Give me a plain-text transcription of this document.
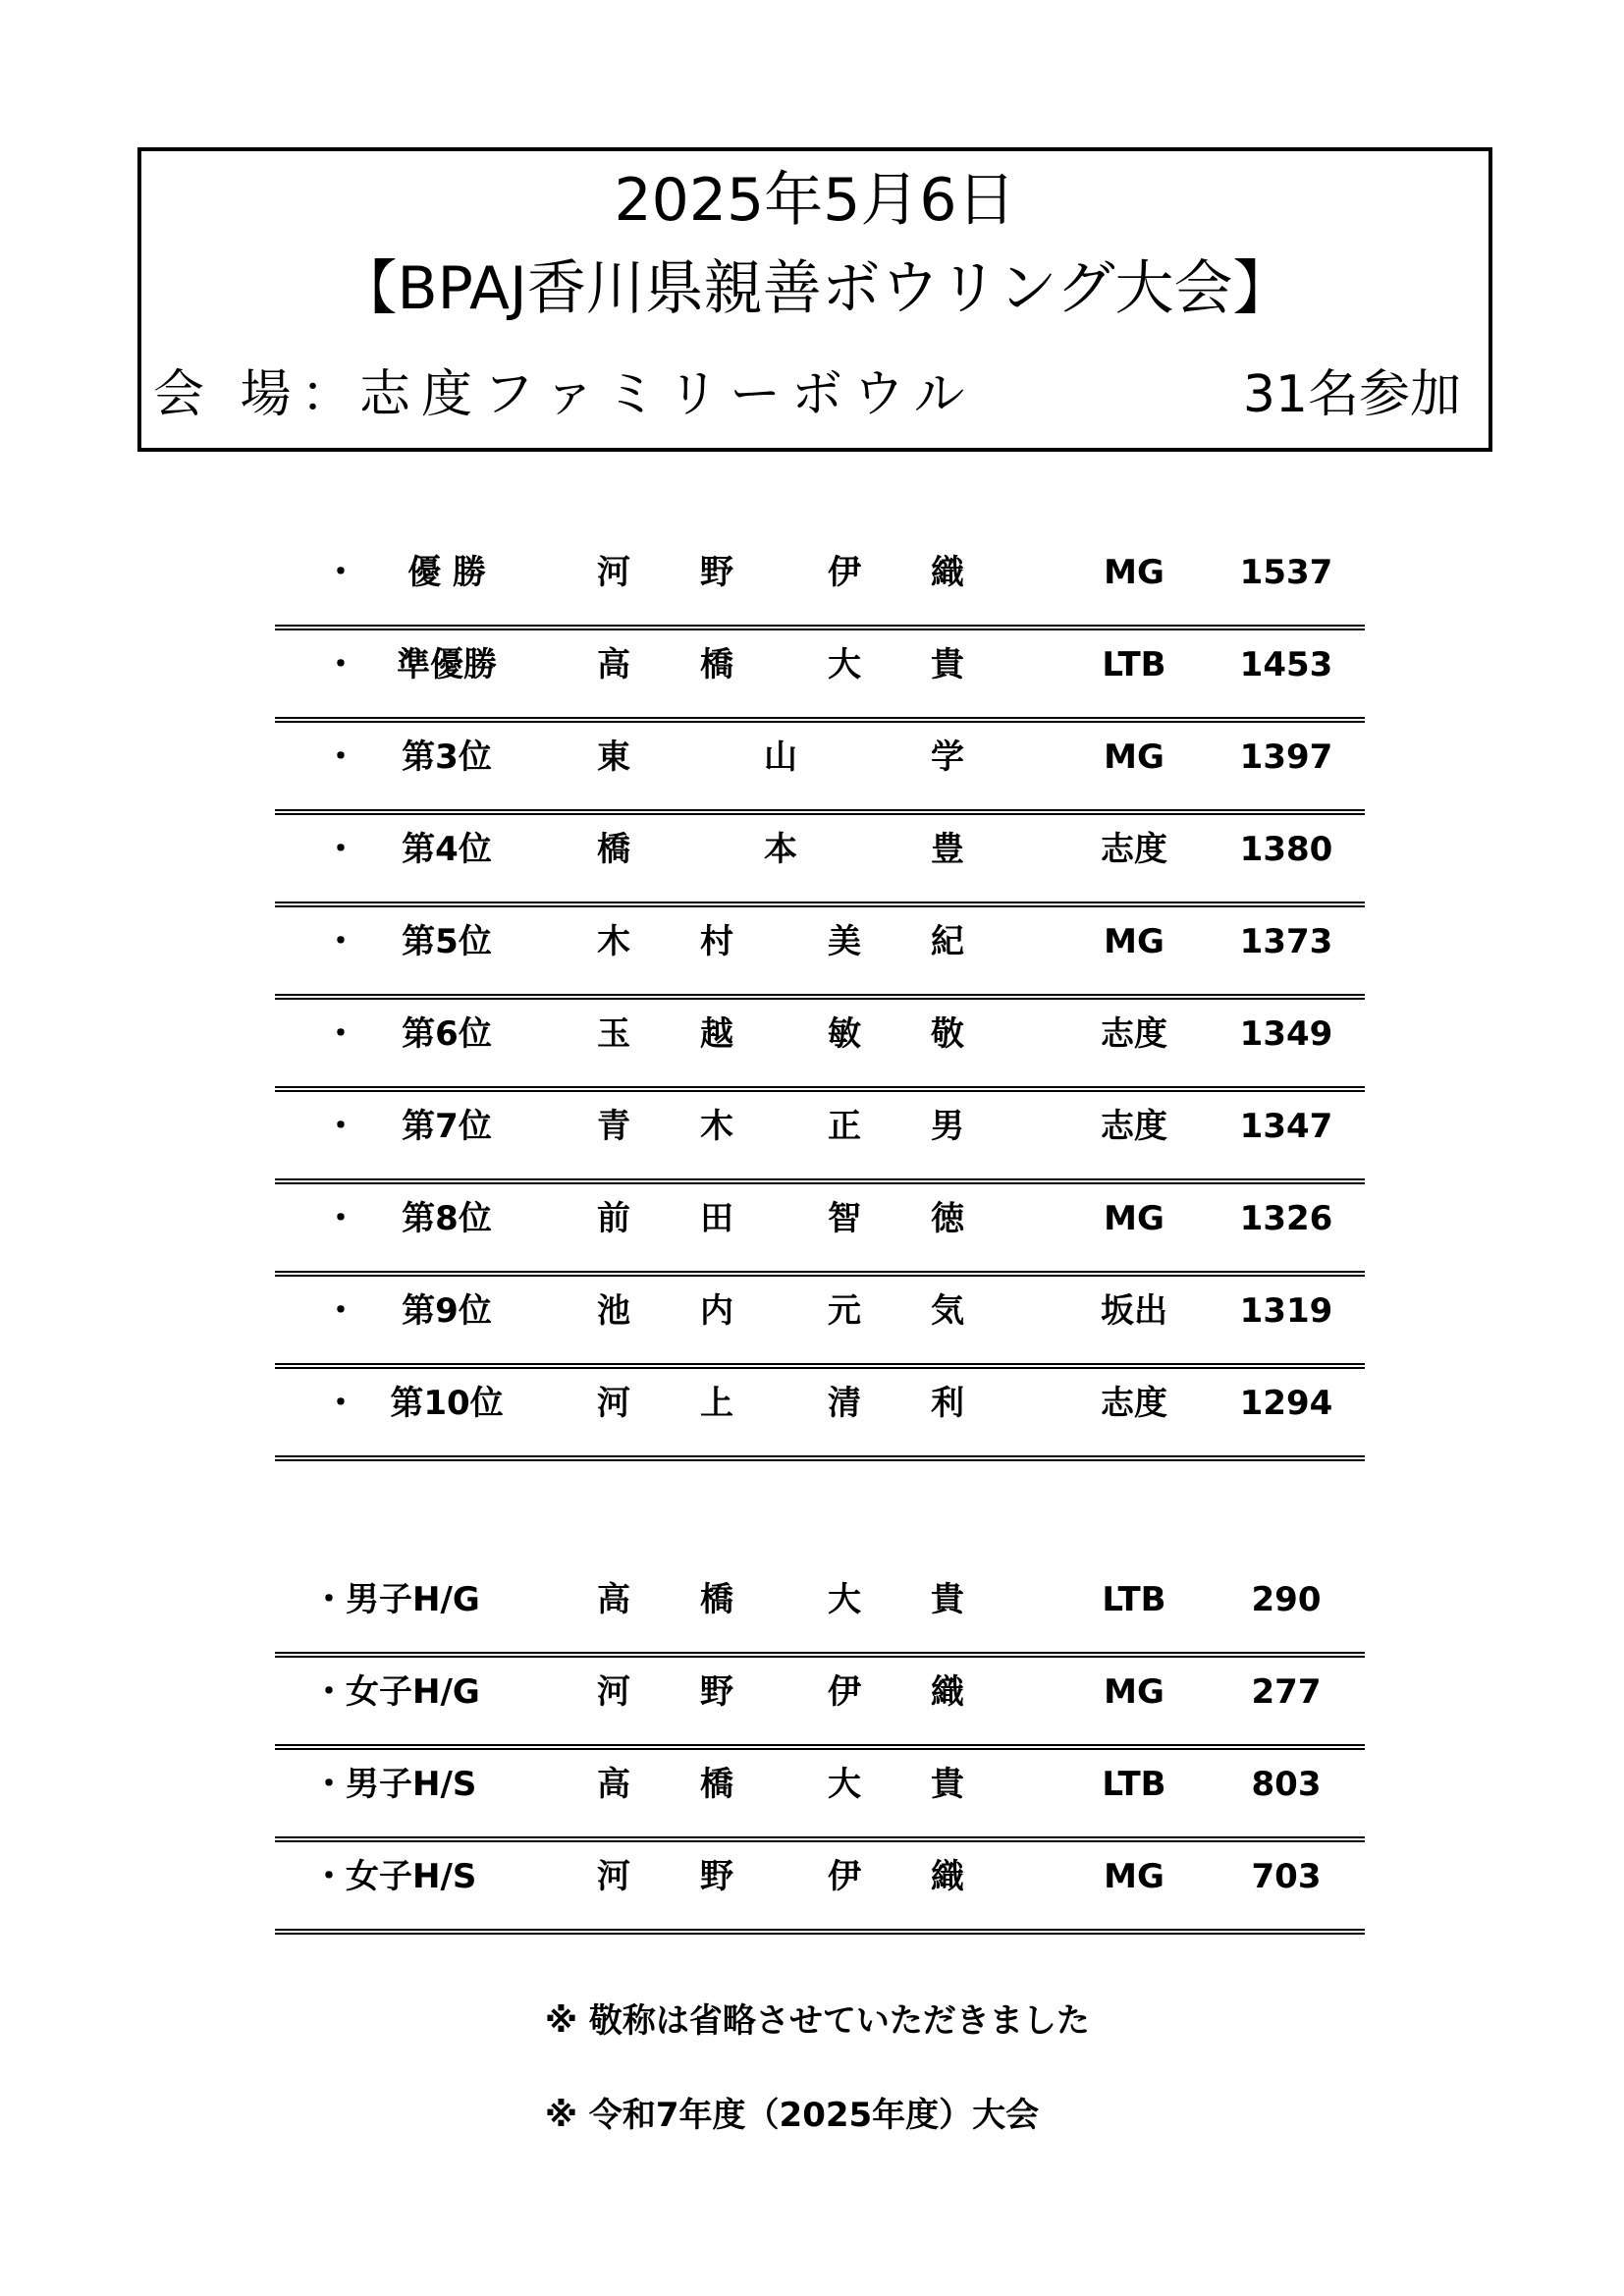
2025年5月6日
【BPAJ香川県親善ボウリング大会】
会 場：
志度ファミリーボウル	31名参加
・	優 勝	河	野	伊	織	MG	1537
・	準優勝	高	橋	大	貴	LTB	1453
・	第3位	東	山	学	MG	1397
・	第4位	橋	本	豊	志度	1380
・	第5位	木	村	美	紀	MG	1373
・	第6位	玉	越	敏	敬	志度	1349
・	第7位	青	木	正	男	志度	1347
・	第8位	前	田	智	徳	MG	1326
・	第9位	池	内	元	気	坂出	1319
・ 第10位	河	上	清	利	志度	1294
・男子H/G	高	橋	大	貴	LTB	290
・女子H/G	河	野	伊	織	MG	277
・男子H/S	高	橋	大	貴	LTB	803
・女子H/S	河	野	伊	織	MG	703
※ 敬称は省略させていただきました
※ 令和7年度（2025年度）大会
